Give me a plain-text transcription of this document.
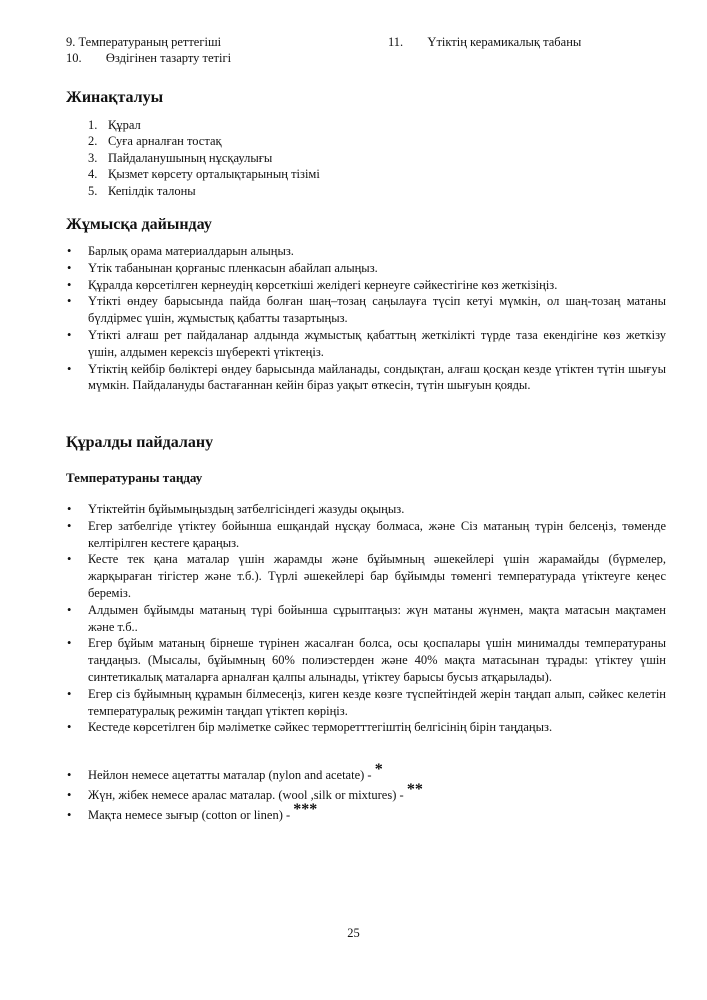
9. Температураның реттегіші	11. Үтіктің керамикалық табаны
10. Өздігінен тазарту тетігі
Жинақталуы
1. Құрал
2. Суға арналған тостақ
3. Пайдаланушының нұсқаулығы
4. Қызмет көрсету орталықтарының тізімі
5. Кепілдік талоны
Жұмысқа дайындау
• Барлық орама материалдарын алыңыз.
• Үтік табанынан қорғаныс пленкасын абайлап алыңыз.
• Құралда көрсетілген кернеудің көрсеткіші желідегі кернеуге сәйкестігіне көз жеткізіңіз.
• Үтікті өндеу барысында пайда болған шаң–тозаң саңылауға түсіп кетуі мүмкін, ол шаң-тозаң матаны бүлдірмес үшін, жұмыстық қабатты тазартыңыз.
• Үтікті алғаш рет пайдаланар алдында жұмыстық қабаттың жеткілікті түрде таза екендігіне көз жеткізу үшін, алдымен керексіз шүберекті үтіктеңіз.
• Үтіктің кейбір бөліктері өндеу барысында майланады, сондықтан, алғаш қосқан кезде үтіктен түтін шығуы мүмкін. Пайдалануды бастағаннан кейін біраз уақыт өткесін, түтін шығуын қояды.
Құралды пайдалану
Температураны таңдау
• Үтіктейтін бұйымыңыздың затбелгісіндегі жазуды оқыңыз.
• Егер затбелгіде үтіктеу бойынша ешқандай нұсқау болмаса, және Сіз матаның түрін белсеңіз, төменде келтірілген кестеге қараңыз.
• Кесте тек қана маталар үшін жарамды және бұйымның әшекейлері үшін жарамайды (бүрмелер, жарқыраған тігістер және т.б.). Түрлі әшекейлері бар бұйымды төменгі температурада үтіктеуге кеңес береміз.
• Алдымен бұйымды матаның түрі бойынша сұрыптаңыз: жүн матаны жүнмен, мақта матасын мақтамен және т.б..
• Егер бұйым матаның бірнеше түрінен жасалған болса, осы қоспалары үшін минималды температураны таңдаңыз. (Мысалы, бұйымның 60% полиэстерден және 40% мақта матасынан тұрады: үтіктеу үшін синтетикалық маталарға арналған қалпы алынады, үтіктеу барысы бусыз атқарылады).
• Егер сіз бұйымның құрамын білмесеңіз, киген кезде көзге түспейтіндей жерін таңдап алып, сәйкес келетін температуралық режимін таңдап үтіктеп көріңіз.
• Кестеде көрсетілген бір мәліметке сәйкес терморетттегіштің белгісінің бірін таңдаңыз.
• Нейлон немесе ацетатты маталар (nylon and acetate) - *
• Жүн, жібек немесе аралас маталар. (wool ,silk or mixtures) - **
• Мақта немесе зығыр (cotton or linen) - ***
25
